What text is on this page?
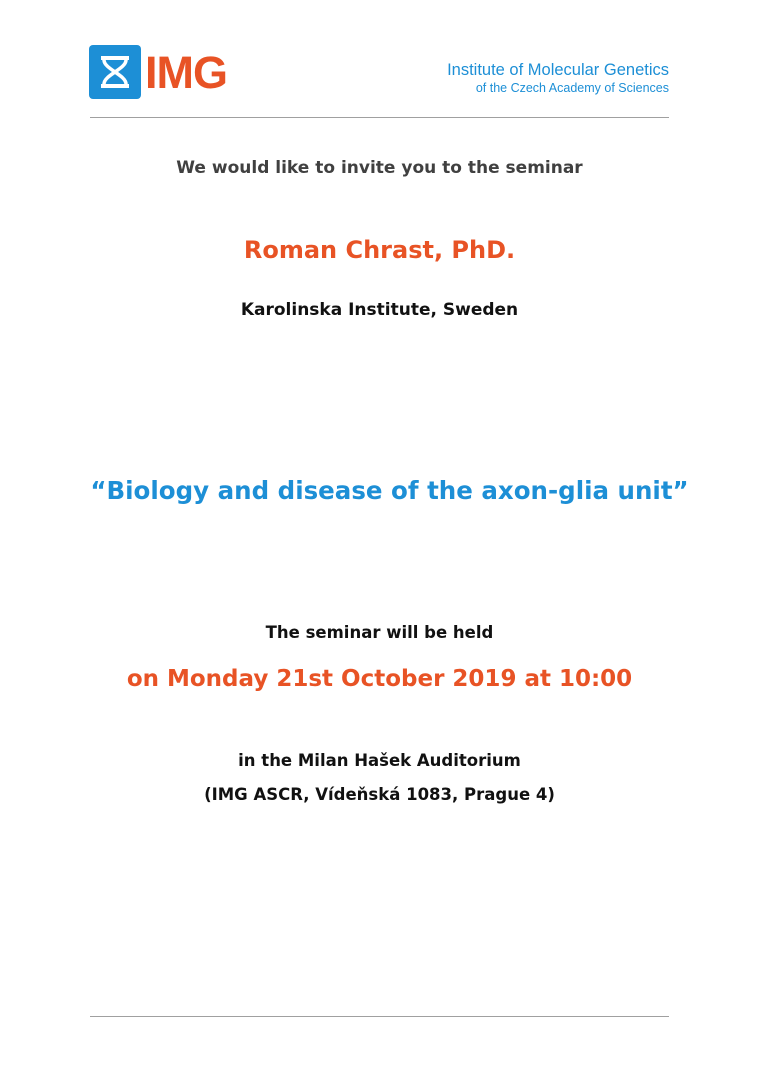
IMG	Institute of Molecular Genetics
of the Czech Academy of Sciences
We would like to invite you to the seminar
Roman Chrast, PhD.
Karolinska Institute, Sweden
“Biology and disease of the axon-glia unit”
The seminar will be held
on Monday 21st October 2019 at 10:00
in the Milan Hašek Auditorium
(IMG ASCR, Vídeňská 1083, Prague 4)
